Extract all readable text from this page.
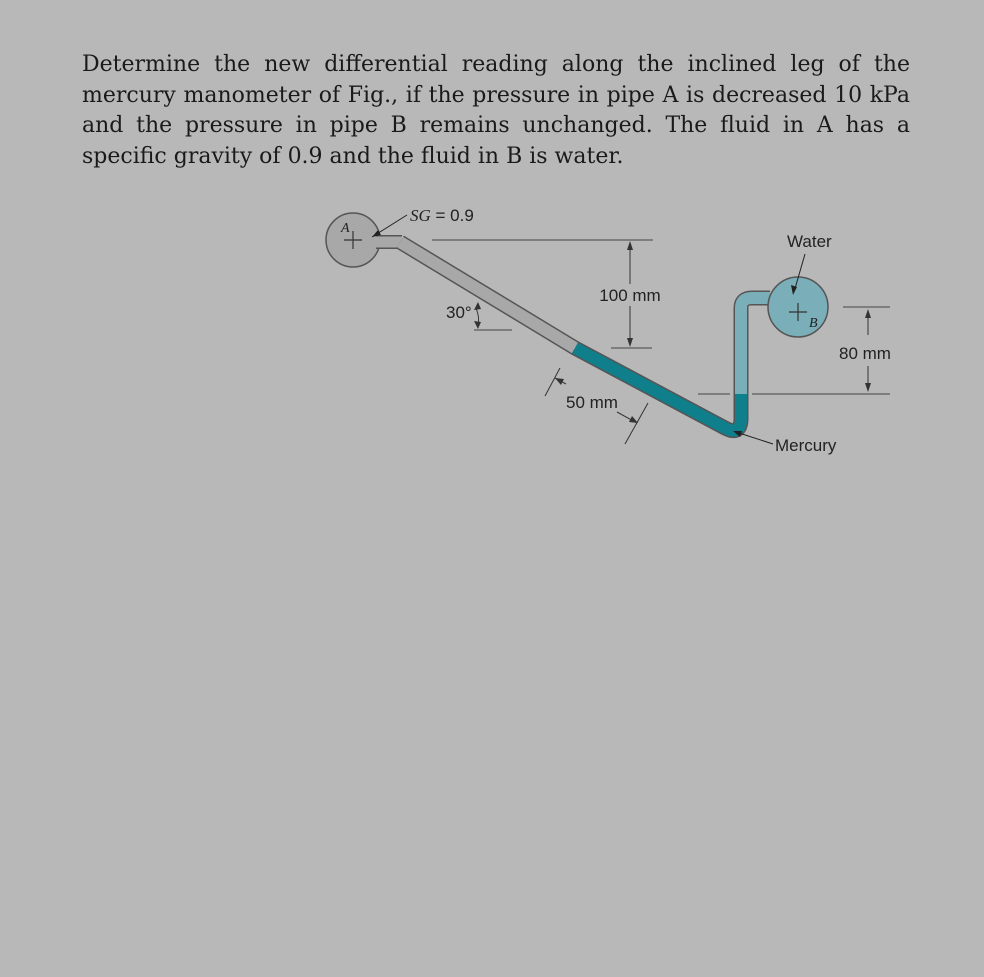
Determine the new differential reading along the inclined leg of the mercury manometer of Fig., if the pressure in pipe A is decreased 10 kPa and the pressure in pipe B remains unchanged. The fluid in A has a specific gravity of 0.9 and the fluid in B is water.

A
B
SG = 0.9
100 mm
30°
50 mm
80 mm
Water
Mercury
